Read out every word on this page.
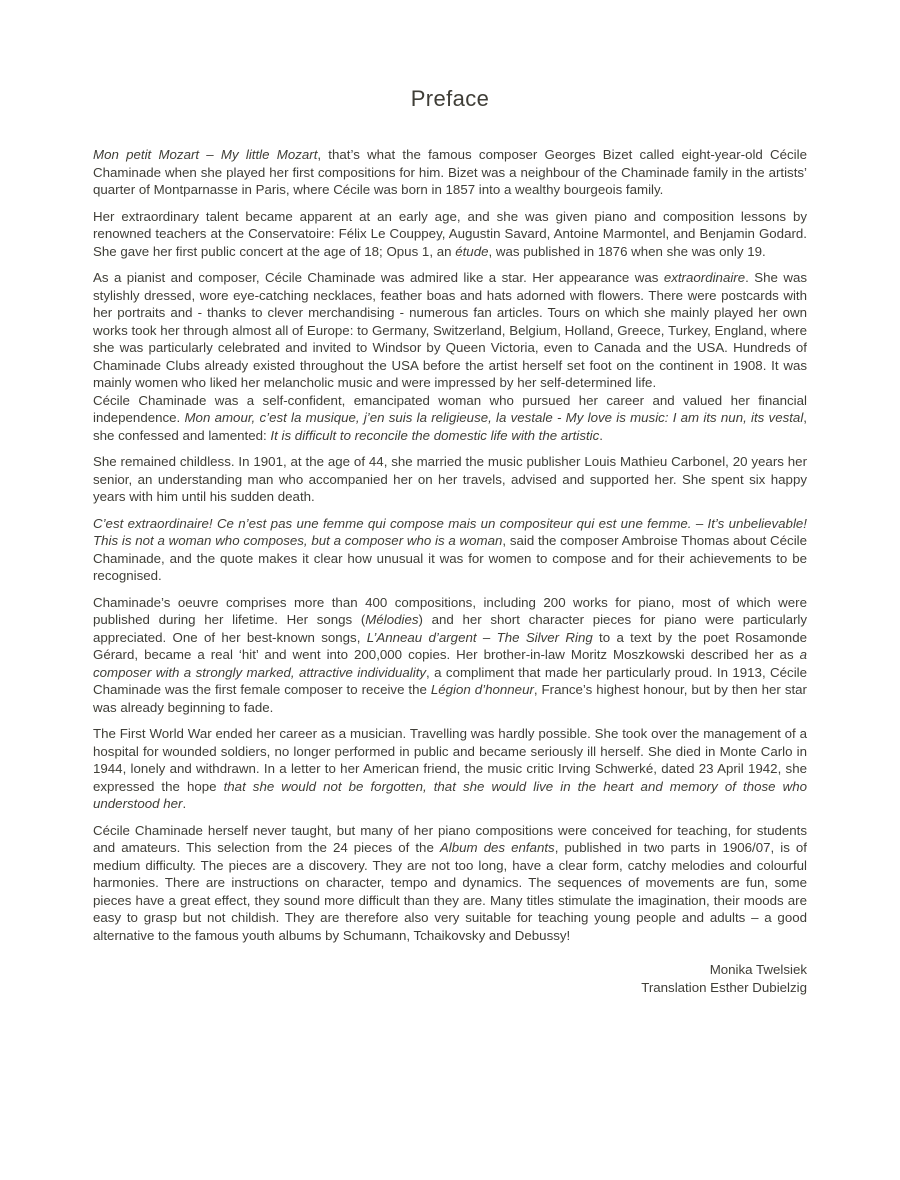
Preface

Mon petit Mozart – My little Mozart, that’s what the famous composer Georges Bizet called eight-year-old Cécile Chaminade when she played her first compositions for him. Bizet was a neighbour of the Chaminade family in the artists’ quarter of Montparnasse in Paris, where Cécile was born in 1857 into a wealthy bourgeois family.

Her extraordinary talent became apparent at an early age, and she was given piano and composition lessons by renowned teachers at the Conservatoire: Félix Le Couppey, Augustin Savard, Antoine Marmontel, and Benjamin Godard. She gave her first public concert at the age of 18; Opus 1, an étude, was published in 1876 when she was only 19.

As a pianist and composer, Cécile Chaminade was admired like a star. Her appearance was extraordinaire. She was stylishly dressed, wore eye-catching necklaces, feather boas and hats adorned with flowers. There were postcards with her portraits and - thanks to clever merchandising - numerous fan articles. Tours on which she mainly played her own works took her through almost all of Europe: to Germany, Switzerland, Belgium, Holland, Greece, Turkey, England, where she was particularly celebrated and invited to Windsor by Queen Victoria, even to Canada and the USA. Hundreds of Chaminade Clubs already existed throughout the USA before the artist herself set foot on the continent in 1908. It was mainly women who liked her melancholic music and were impressed by her self-determined life.

Cécile Chaminade was a self-confident, emancipated woman who pursued her career and valued her financial independence. Mon amour, c’est la musique, j’en suis la religieuse, la vestale - My love is music: I am its nun, its vestal, she confessed and lamented: It is difficult to reconcile the domestic life with the artistic.

She remained childless. In 1901, at the age of 44, she married the music publisher Louis Mathieu Carbonel, 20 years her senior, an understanding man who accompanied her on her travels, advised and supported her. She spent six happy years with him until his sudden death.

C’est extraordinaire! Ce n’est pas une femme qui compose mais un compositeur qui est une femme. – It’s unbelievable! This is not a woman who composes, but a composer who is a woman, said the composer Ambroise Thomas about Cécile Chaminade, and the quote makes it clear how unusual it was for women to compose and for their achievements to be recognised.

Chaminade’s oeuvre comprises more than 400 compositions, including 200 works for piano, most of which were published during her lifetime. Her songs (Mélodies) and her short character pieces for piano were particularly appreciated. One of her best-known songs, L’Anneau d’argent – The Silver Ring to a text by the poet Rosamonde Gérard, became a real ‘hit’ and went into 200,000 copies. Her brother-in-law Moritz Moszkowski described her as a composer with a strongly marked, attractive individuality, a compliment that made her particularly proud. In 1913, Cécile Chaminade was the first female composer to receive the Légion d’honneur, France’s highest honour, but by then her star was already beginning to fade.

The First World War ended her career as a musician. Travelling was hardly possible. She took over the management of a hospital for wounded soldiers, no longer performed in public and became seriously ill herself. She died in Monte Carlo in 1944, lonely and withdrawn. In a letter to her American friend, the music critic Irving Schwerké, dated 23 April 1942, she expressed the hope that she would not be forgotten, that she would live in the heart and memory of those who understood her.

Cécile Chaminade herself never taught, but many of her piano compositions were conceived for teaching, for students and amateurs. This selection from the 24 pieces of the Album des enfants, published in two parts in 1906/07, is of medium difficulty. The pieces are a discovery. They are not too long, have a clear form, catchy melodies and colourful harmonies. There are instructions on character, tempo and dynamics. The sequences of movements are fun, some pieces have a great effect, they sound more difficult than they are. Many titles stimulate the imagination, their moods are easy to grasp but not childish. They are therefore also very suitable for teaching young people and adults – a good alternative to the famous youth albums by Schumann, Tchaikovsky and Debussy!

Monika Twelsiek
Translation Esther Dubielzig
